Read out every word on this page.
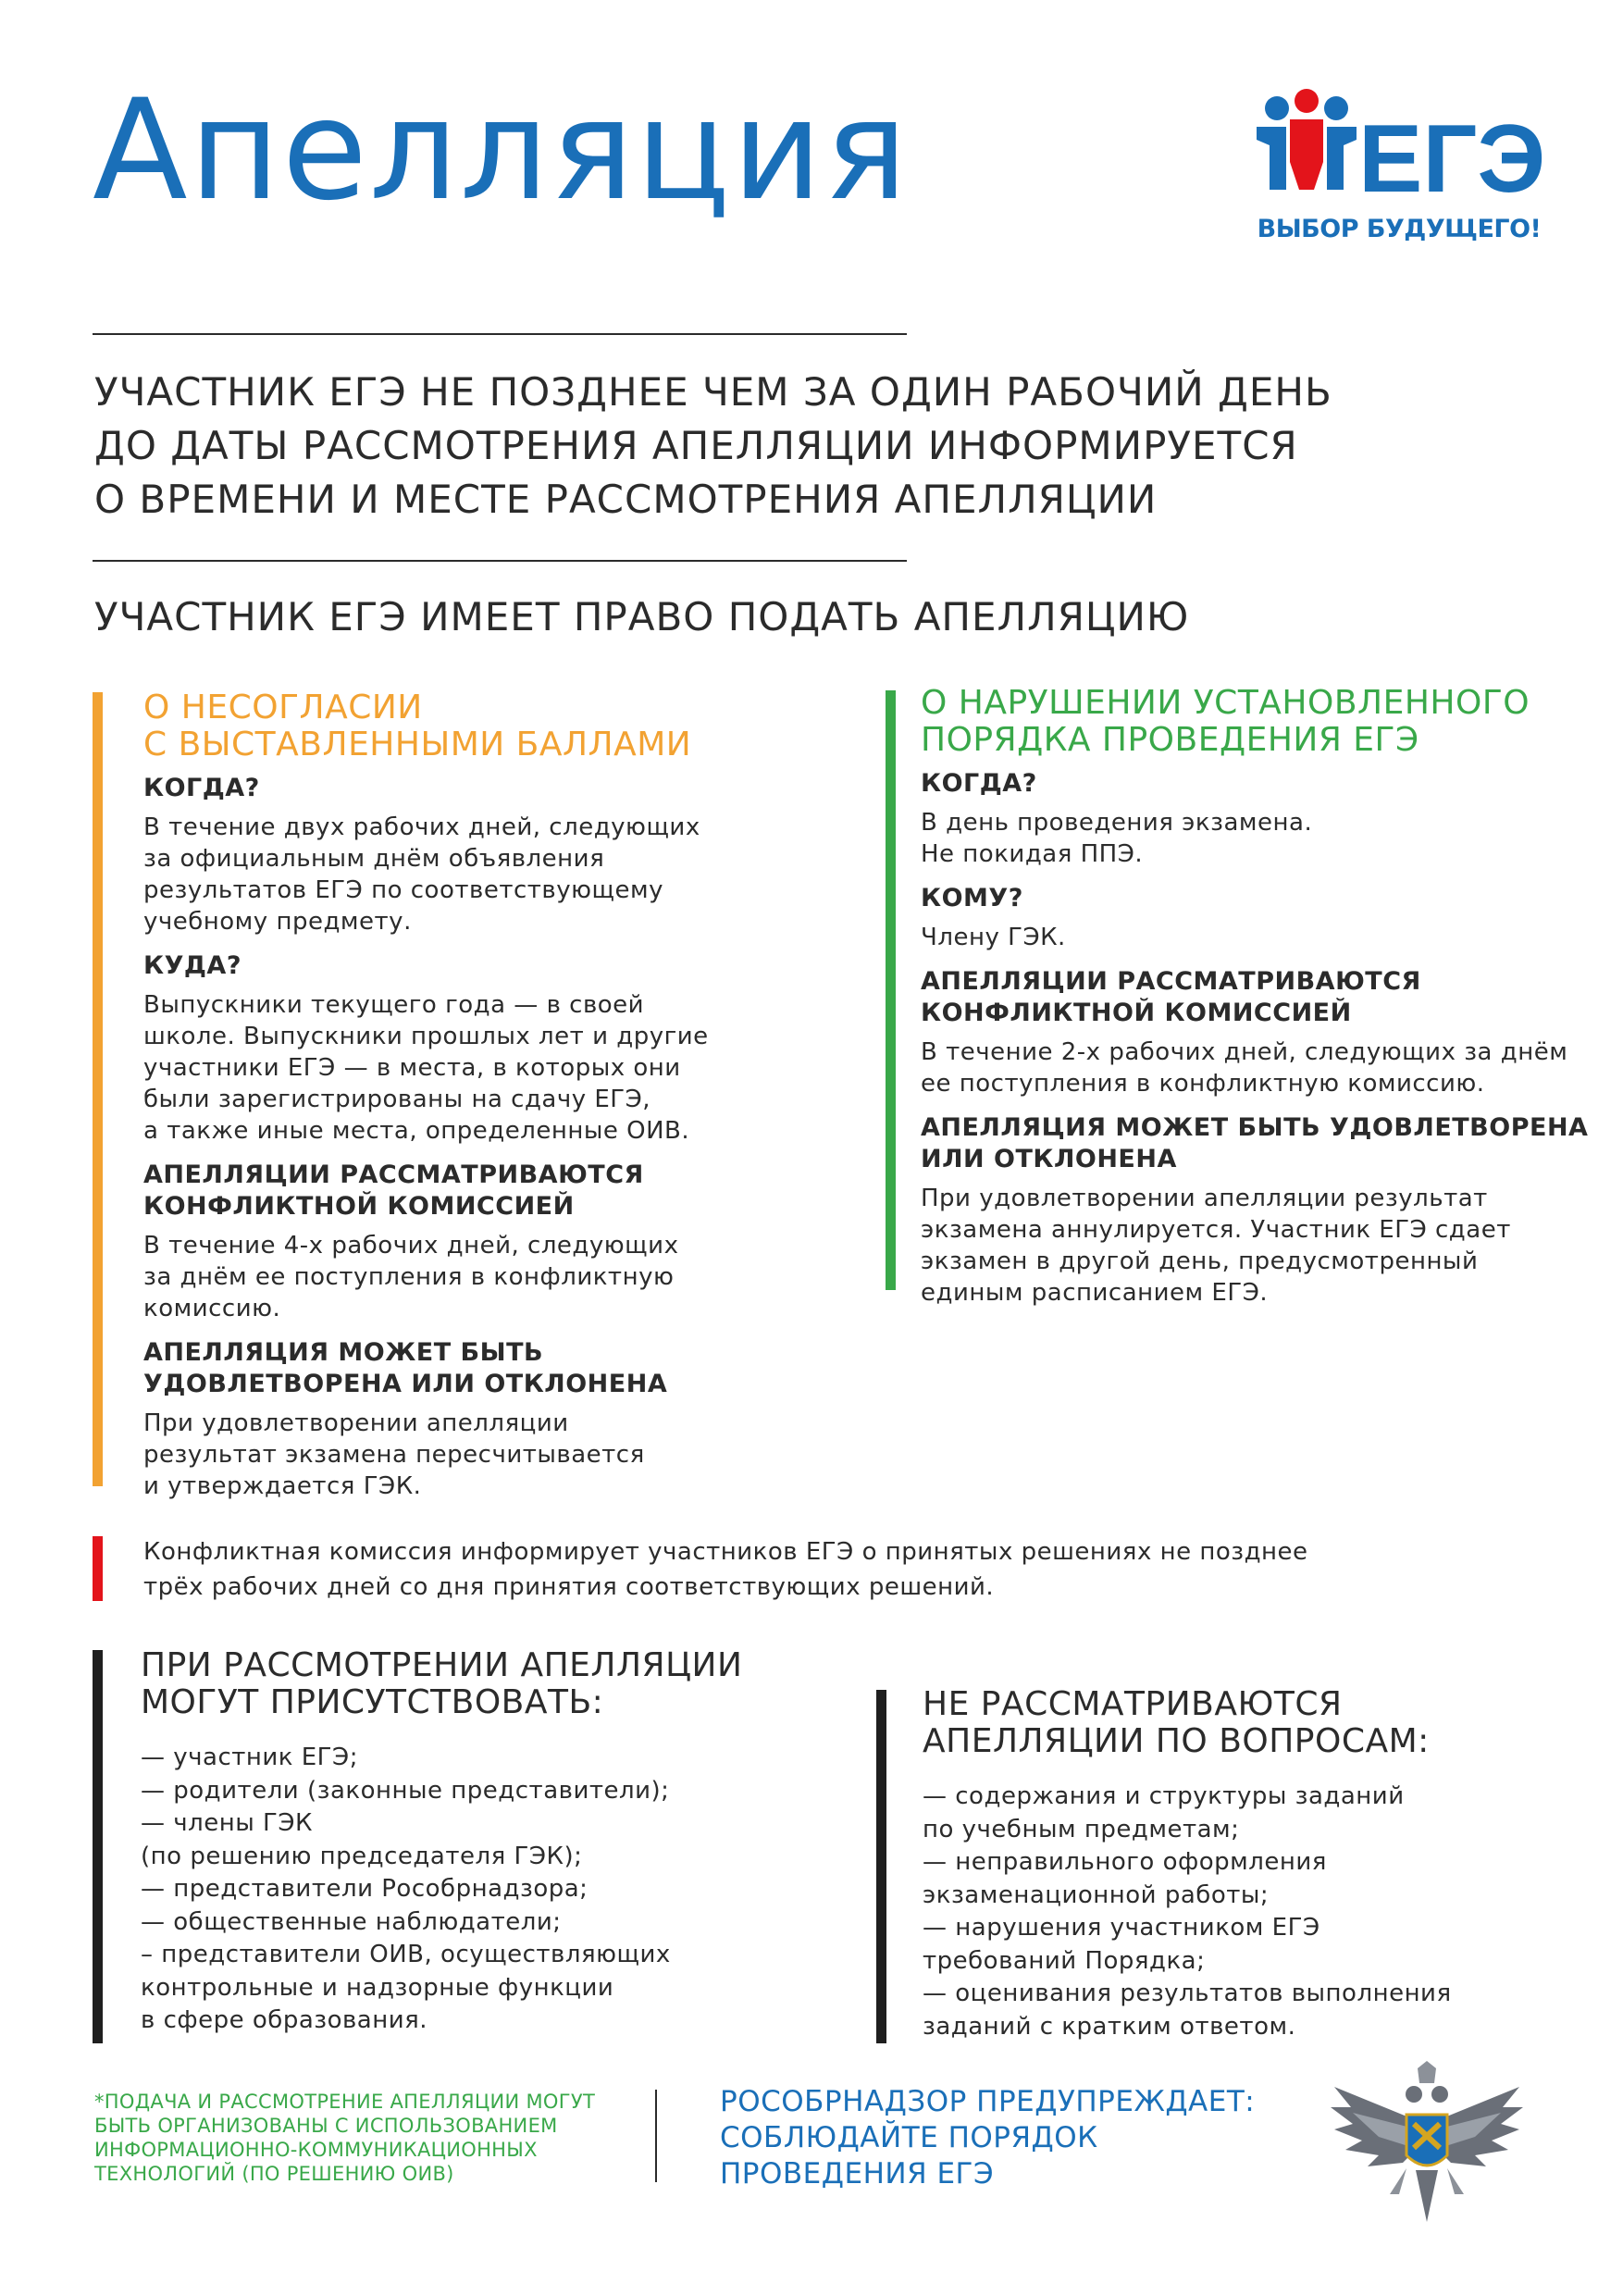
Апелляция	ЕГЭ
ВЫБОР БУДУЩЕГО!
УЧАСТНИК ЕГЭ НЕ ПОЗДНЕЕ ЧЕМ ЗА ОДИН РАБОЧИЙ ДЕНЬ
ДО ДАТЫ РАССМОТРЕНИЯ АПЕЛЛЯЦИИ ИНФОРМИРУЕТСЯ
О ВРЕМЕНИ И МЕСТЕ РАССМОТРЕНИЯ АПЕЛЛЯЦИИ
УЧАСТНИК ЕГЭ ИМЕЕТ ПРАВО ПОДАТЬ АПЕЛЛЯЦИЮ
О НЕСОГЛАСИИ
С ВЫСТАВЛЕННЫМИ БАЛЛАМИ
КОГДА?
В течение двух рабочих дней, следующих
за официальным днём объявления
результатов ЕГЭ по соответствующему
учебному предмету.
КУДА?
Выпускники текущего года — в своей
школе. Выпускники прошлых лет и другие
участники ЕГЭ — в места, в которых они
были зарегистрированы на сдачу ЕГЭ,
а также иные места, определенные ОИВ.
АПЕЛЛЯЦИИ РАССМАТРИВАЮТСЯ
КОНФЛИКТНОЙ КОМИССИЕЙ
В течение 4-х рабочих дней, следующих
за днём ее поступления в конфликтную
комиссию.
АПЕЛЛЯЦИЯ МОЖЕТ БЫТЬ
УДОВЛЕТВОРЕНА ИЛИ ОТКЛОНЕНА
При удовлетворении апелляции
результат экзамена пересчитывается
и утверждается ГЭК.
О НАРУШЕНИИ УСТАНОВЛЕННОГО
ПОРЯДКА ПРОВЕДЕНИЯ ЕГЭ
КОГДА?
В день проведения экзамена.
Не покидая ППЭ.
КОМУ?
Члену ГЭК.
АПЕЛЛЯЦИИ РАССМАТРИВАЮТСЯ
КОНФЛИКТНОЙ КОМИССИЕЙ
В течение 2-х рабочих дней, следующих за днём
ее поступления в конфликтную комиссию.
АПЕЛЛЯЦИЯ МОЖЕТ БЫТЬ УДОВЛЕТВОРЕНА
ИЛИ ОТКЛОНЕНА
При удовлетворении апелляции результат
экзамена аннулируется. Участник ЕГЭ сдает
экзамен в другой день, предусмотренный
единым расписанием ЕГЭ.
Конфликтная комиссия информирует участников ЕГЭ о принятых решениях не позднее
трёх рабочих дней со дня принятия соответствующих решений.
ПРИ РАССМОТРЕНИИ АПЕЛЛЯЦИИ
МОГУТ ПРИСУТСТВОВАТЬ:
— участник ЕГЭ;
— родители (законные представители);
— члены ГЭК
(по решению председателя ГЭК);
— представители Рособрнадзора;
— общественные наблюдатели;
– представители ОИВ, осуществляющих
контрольные и надзорные функции
в сфере образования.
НЕ РАССМАТРИВАЮТСЯ
АПЕЛЛЯЦИИ ПО ВОПРОСАМ:
— содержания и структуры заданий
по учебным предметам;
— неправильного оформления
экзаменационной работы;
— нарушения участником ЕГЭ
требований Порядка;
— оценивания результатов выполнения
заданий с кратким ответом.
*ПОДАЧА И РАССМОТРЕНИЕ АПЕЛЛЯЦИИ МОГУТ
БЫТЬ ОРГАНИЗОВАНЫ С ИСПОЛЬЗОВАНИЕМ
ИНФОРМАЦИОННО-КОММУНИКАЦИОННЫХ
ТЕХНОЛОГИЙ (ПО РЕШЕНИЮ ОИВ)
РОСОБРНАДЗОР ПРЕДУПРЕЖДАЕТ:
СОБЛЮДАЙТЕ ПОРЯДОК
ПРОВЕДЕНИЯ ЕГЭ
